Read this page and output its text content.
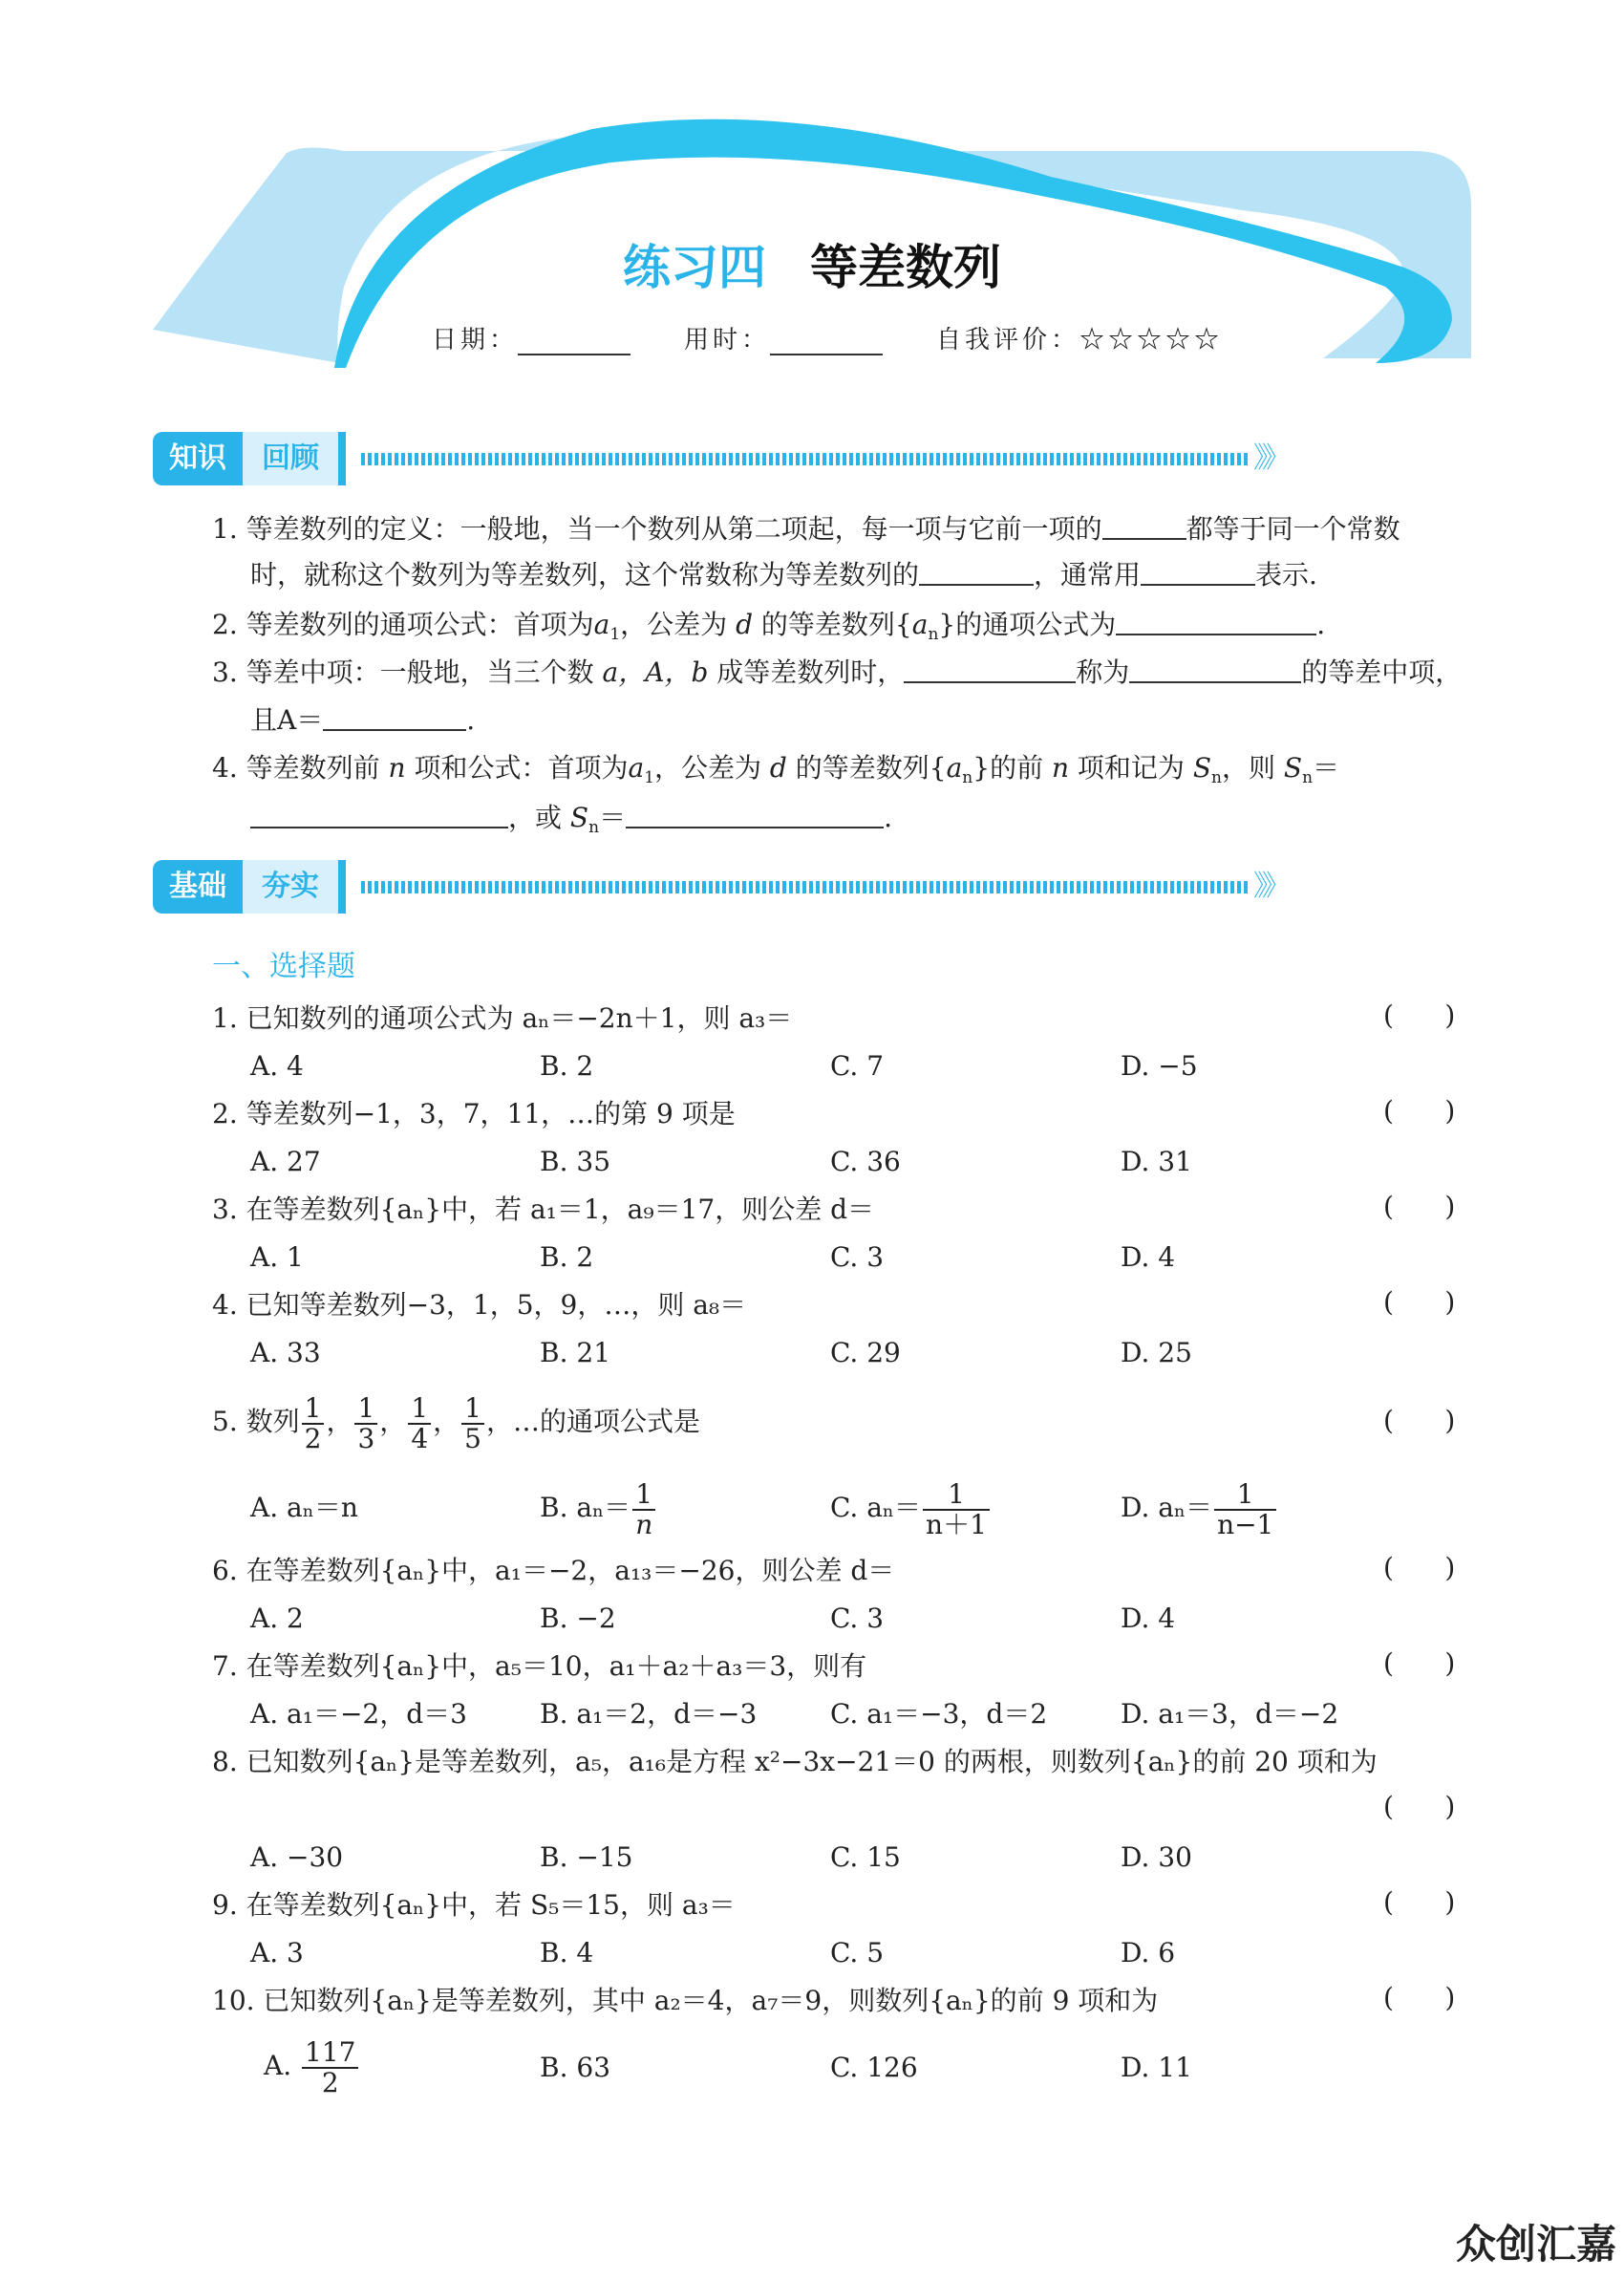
练习四 等差数列
日期：	用时：	自我评价：☆☆☆☆☆
知识	回顾	》》
1. 等差数列的定义：一般地，当一个数列从第二项起，每一项与它前一项的	都等于同一个常数
时，就称这个数列为等差数列，这个常数称为等差数列的	，通常用	表示.
2. 等差数列的通项公式：首项为$a_1$，公差为 d 的等差数列$\{a_n\}$的通项公式为	.
3. 等差中项：一般地，当三个数 a，A，b 成等差数列时，	称为	的等差中项，
且A＝	.
4. 等差数列前 n 项和公式：首项为$a_1$，公差为 d 的等差数列$\{a_n\}$的前 n 项和记为 $S_n$，则 $S_n=$
，或 $S_n=$	.
基础	夯实	》》
一、选择题
1. 已知数列的通项公式为 aₙ＝−2n＋1，则 a₃＝	(      )
A. 4	B. 2	C. 7	D. −5
2. 等差数列−1，3，7，11，…的第 9 项是	(      )
A. 27	B. 35	C. 36	D. 31
3. 在等差数列{aₙ}中，若 a₁＝1，a₉＝17，则公差 d＝	(      )
A. 1	B. 2	C. 3	D. 4
4. 已知等差数列−3，1，5，9，…，则 a₈＝	(      )
A. 33	B. 21	C. 29	D. 25
5. 数列 $\frac{1}{2}$ ， $\frac{1}{3}$ ， $\frac{1}{4}$ ， $\frac{1}{5}$ ，…的通项公式是	(      )
A. aₙ＝n	B. $a_n= \frac{1}{n}$	C. $a_n= \frac{1}{n+1}$	D. $a_n= \frac{1}{n-1}$
6. 在等差数列{aₙ}中，a₁＝−2，a₁₃＝−26，则公差 d＝	(      )
A. 2	B. −2	C. 3	D. 4
7. 在等差数列{aₙ}中，a₅＝10，a₁＋a₂＋a₃＝3，则有	(      )
A. a₁＝−2，d＝3	B. a₁＝2，d＝−3	C. a₁＝−3，d＝2	D. a₁＝3，d＝−2
8. 已知数列{aₙ}是等差数列，a₅，a₁₆是方程 x²−3x−21＝0 的两根，则数列{aₙ}的前 20 项和为
(      )
A. −30	B. −15	C. 15	D. 30
9. 在等差数列{aₙ}中，若 S₅＝15，则 a₃＝	(      )
A. 3	B. 4	C. 5	D. 6
10. 已知数列{aₙ}是等差数列，其中 a₂＝4，a₇＝9，则数列{aₙ}的前 9 项和为	(      )
A. $\frac{117}{2}$	B. 63	C. 126	D. 11
众创汇嘉
